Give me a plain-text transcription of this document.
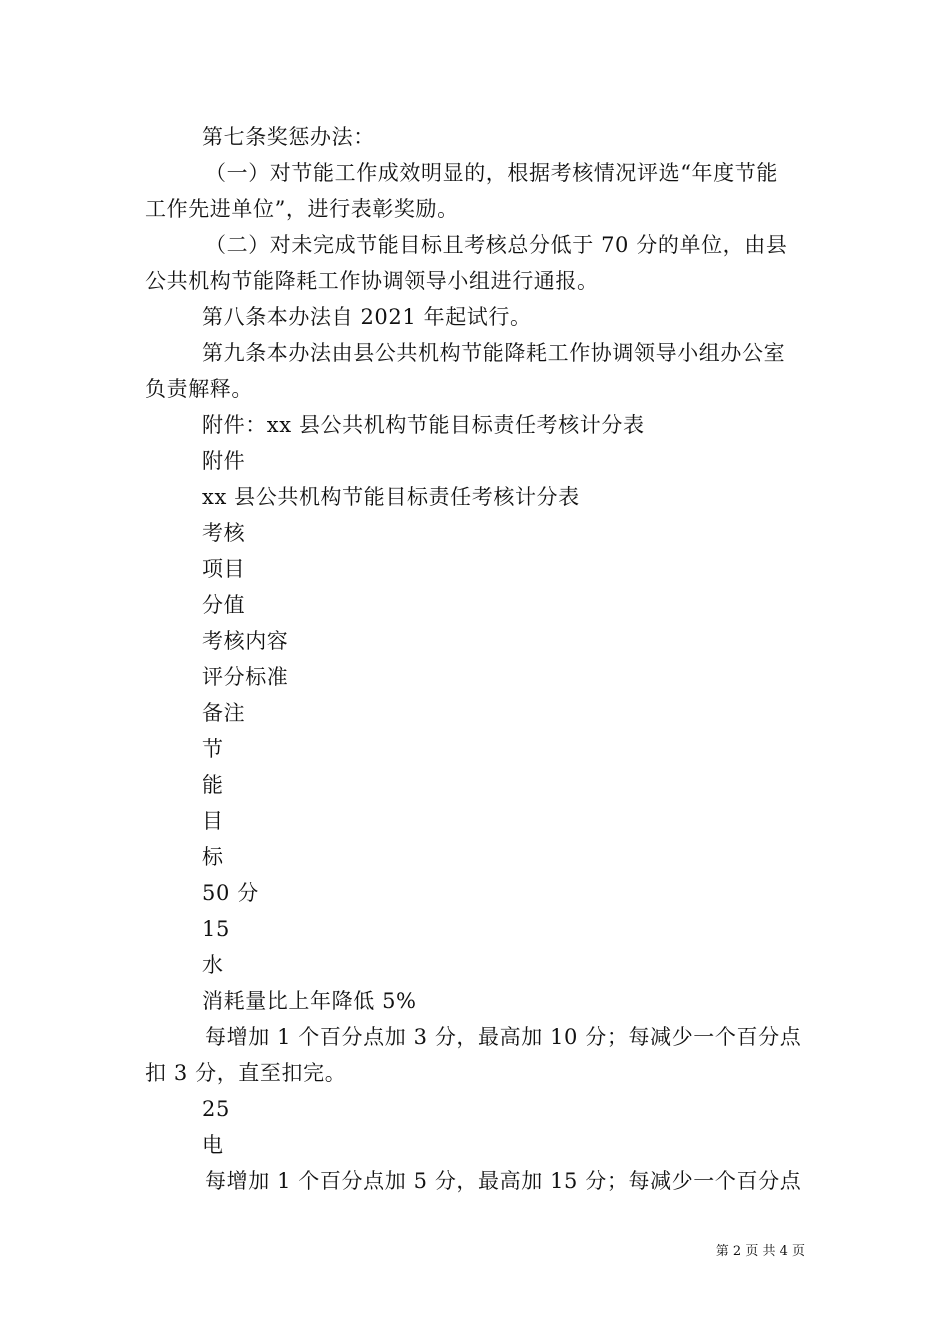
第七条奖惩办法：
（一）对节能工作成效明显的，根据考核情况评选“年度节能
工作先进单位”，进行表彰奖励。
（二）对未完成节能目标且考核总分低于 70 分的单位，由县
公共机构节能降耗工作协调领导小组进行通报。
第八条本办法自 2021 年起试行。
第九条本办法由县公共机构节能降耗工作协调领导小组办公室
负责解释。
附件：xx 县公共机构节能目标责任考核计分表
附件
xx 县公共机构节能目标责任考核计分表
考核
项目
分值
考核内容
评分标准
备注
节
能
目
标
50 分
15
水
消耗量比上年降低 5%
每增加 1 个百分点加 3 分，最高加 10 分；每减少一个百分点
扣 3 分，直至扣完。
25
电
每增加 1 个百分点加 5 分，最高加 15 分；每减少一个百分点
第 2 页 共 4 页
